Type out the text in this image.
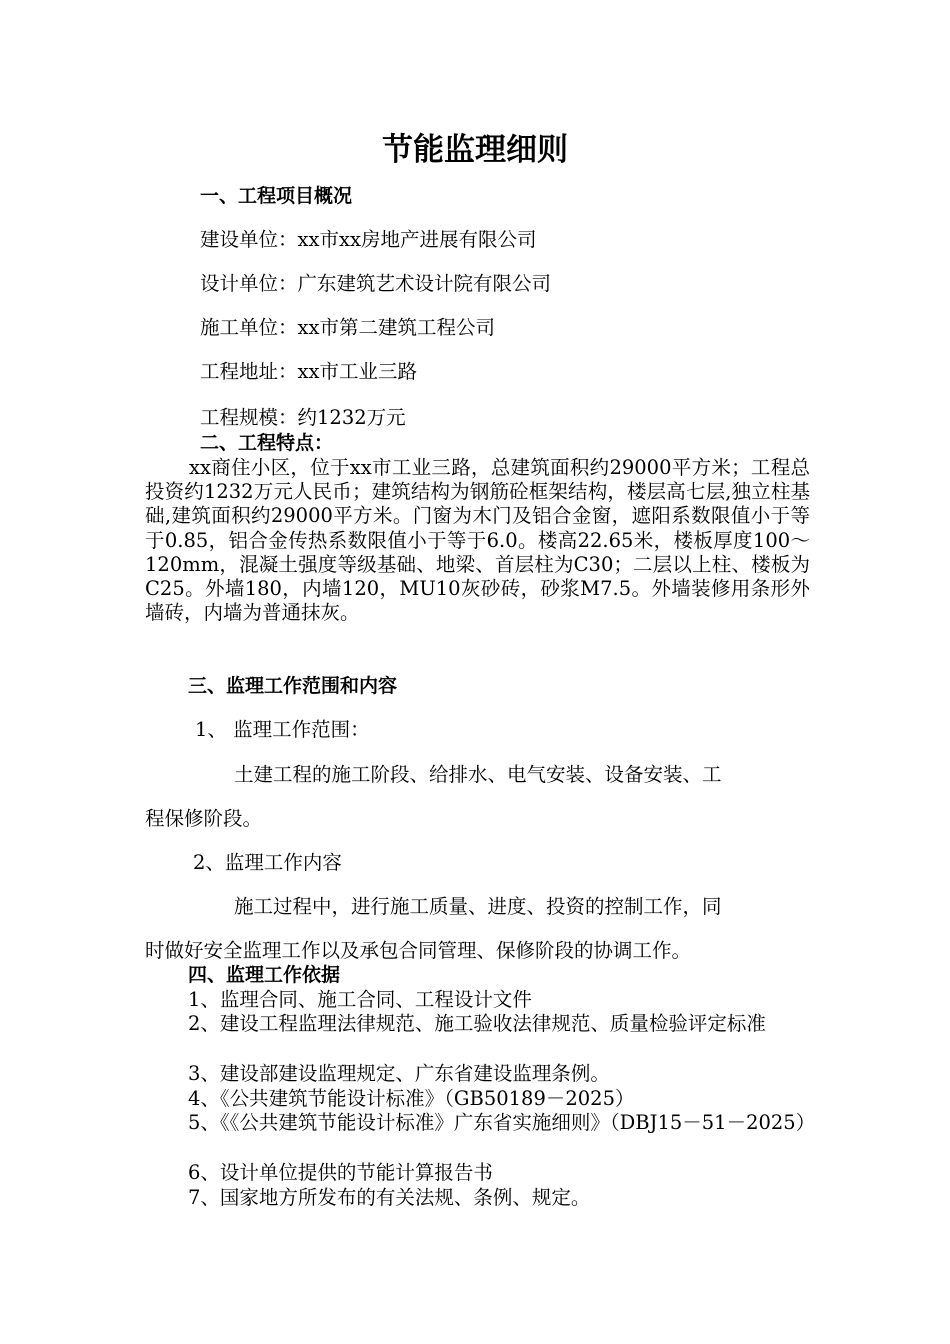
节能监理细则
一、工程项目概况
建设单位：xx市xx房地产进展有限公司
设计单位：广东建筑艺术设计院有限公司
施工单位：xx市第二建筑工程公司
工程地址：xx市工业三路
工程规模：约1232万元
二、工程特点：
xx商住小区，位于xx市工业三路，总建筑面积约29000平方米；工程总投资约1232万元人民币；建筑结构为钢筋砼框架结构，楼层高七层,独立柱基础,建筑面积约29000平方米。门窗为木门及铝合金窗，遮阳系数限值小于等于0.85，铝合金传热系数限值小于等于6.0。楼高22.65米，楼板厚度100～120mm，混凝土强度等级基础、地梁、首层柱为C30；二层以上柱、楼板为C25。外墙180，内墙120，MU10灰砂砖，砂浆M7.5。外墙装修用条形外墙砖，内墙为普通抹灰。
三、监理工作范围和内容
1、 监理工作范围：
土建工程的施工阶段、给排水、电气安装、设备安装、工
程保修阶段。
2、监理工作内容
施工过程中，进行施工质量、进度、投资的控制工作，同
时做好安全监理工作以及承包合同管理、保修阶段的协调工作。
四、监理工作依据
1、监理合同、施工合同、工程设计文件
2、建设工程监理法律规范、施工验收法律规范、质量检验评定标准
3、建设部建设监理规定、广东省建设监理条例。
4、《公共建筑节能设计标准》（GB50189－2025）
5、《《公共建筑节能设计标准》广东省实施细则》（DBJ15－51－2025）
6、设计单位提供的节能计算报告书
7、国家地方所发布的有关法规、条例、规定。
